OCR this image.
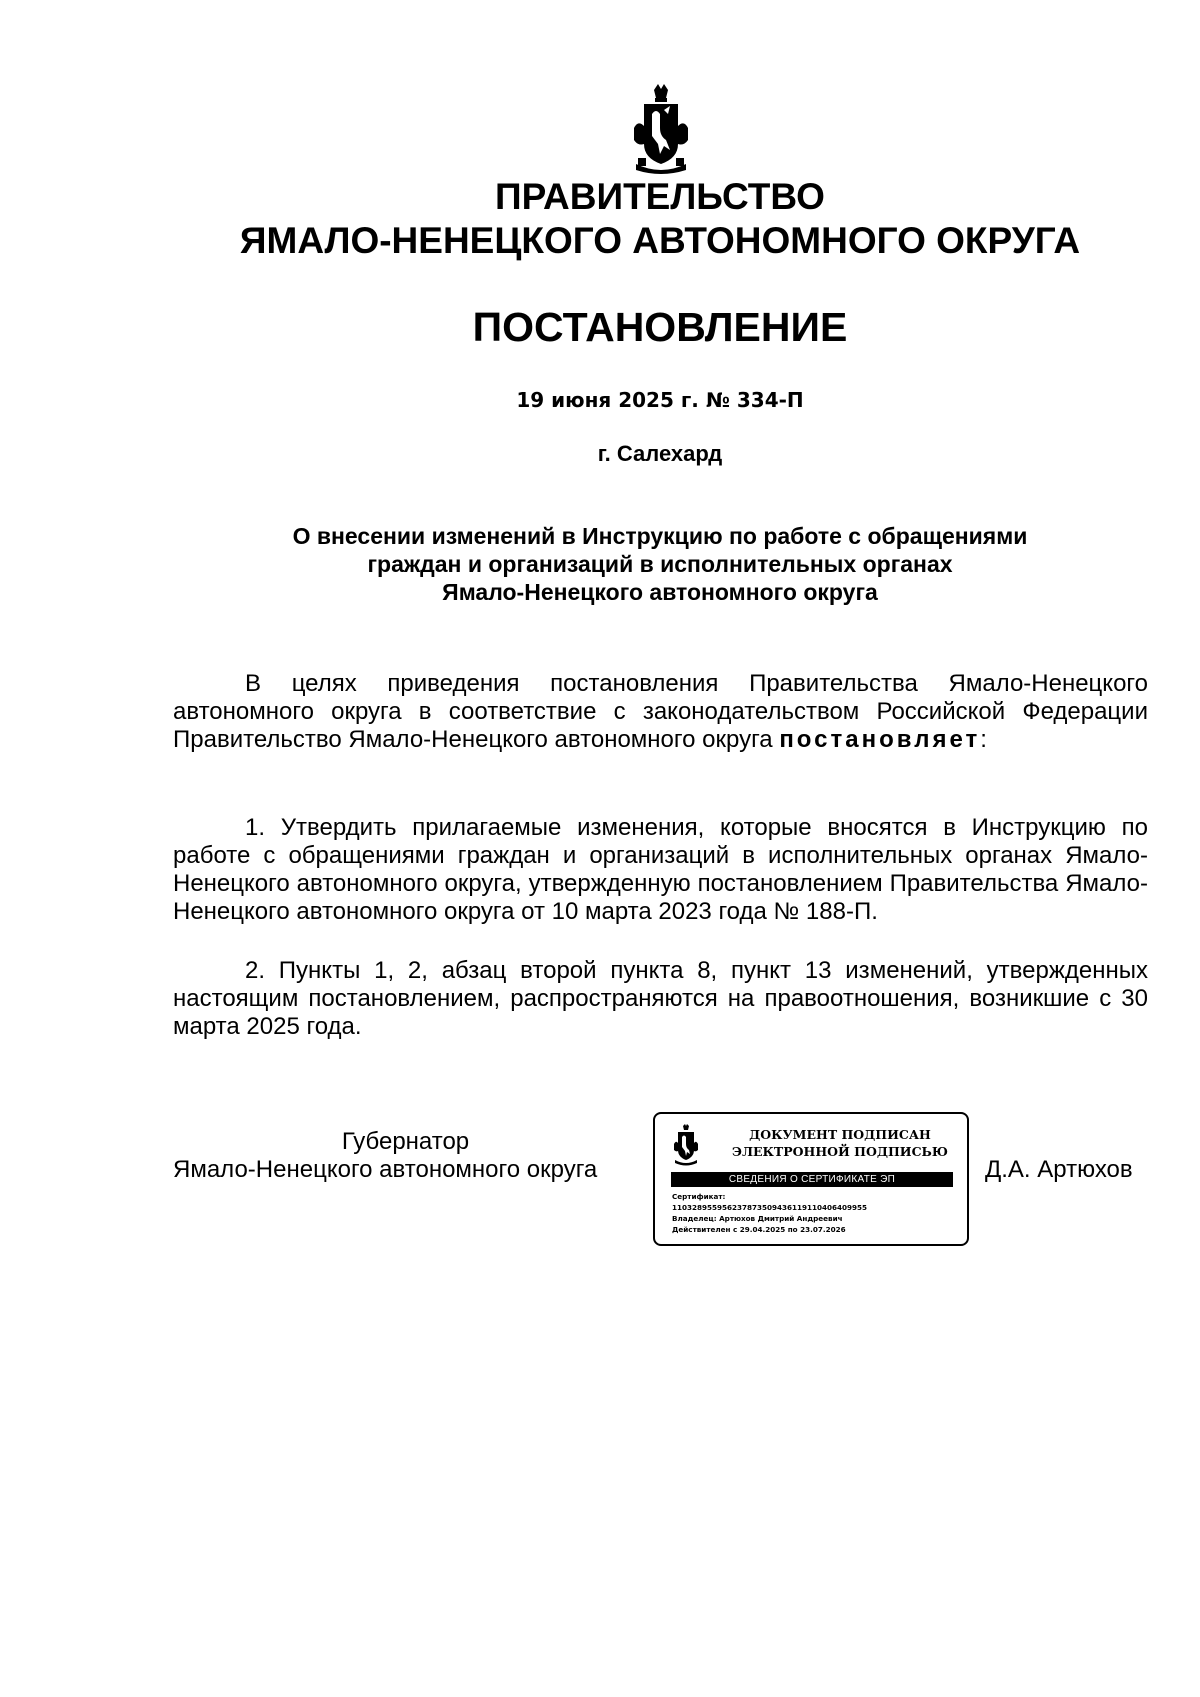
ПРАВИТЕЛЬСТВО
ЯМАЛО-НЕНЕЦКОГО АВТОНОМНОГО ОКРУГА
ПОСТАНОВЛЕНИЕ
19 июня 2025 г. № 334-П
г. Салехард
О внесении изменений в Инструкцию по работе с обращениями
граждан и организаций в исполнительных органах
Ямало-Ненецкого автономного округа

В целях приведения постановления Правительства Ямало-Ненецкого автономного округа в соответствие с законодательством Российской Федерации Правительство Ямало-Ненецкого автономного округа постановляет:

1. Утвердить прилагаемые изменения, которые вносятся в Инструкцию по работе с обращениями граждан и организаций в исполнительных органах Ямало-Ненецкого автономного округа, утвержденную постановлением Правительства Ямало-Ненецкого автономного округа от 10 марта 2023 года № 188-П.

2. Пункты 1, 2, абзац второй пункта 8, пункт 13 изменений, утвержденных настоящим постановлением, распространяются на правоотношения, возникшие с 30 марта 2025 года.

Губернатор
Ямало-Ненецкого автономного округа	Д.А. Артюхов
ДОКУМЕНТ ПОДПИСАН
ЭЛЕКТРОННОЙ ПОДПИСЬЮ
СВЕДЕНИЯ О СЕРТИФИКАТЕ ЭП
Сертификат:
110328955956237873509436119110406409955
Владелец: Артюхов Дмитрий Андреевич
Действителен с 29.04.2025 по 23.07.2026
